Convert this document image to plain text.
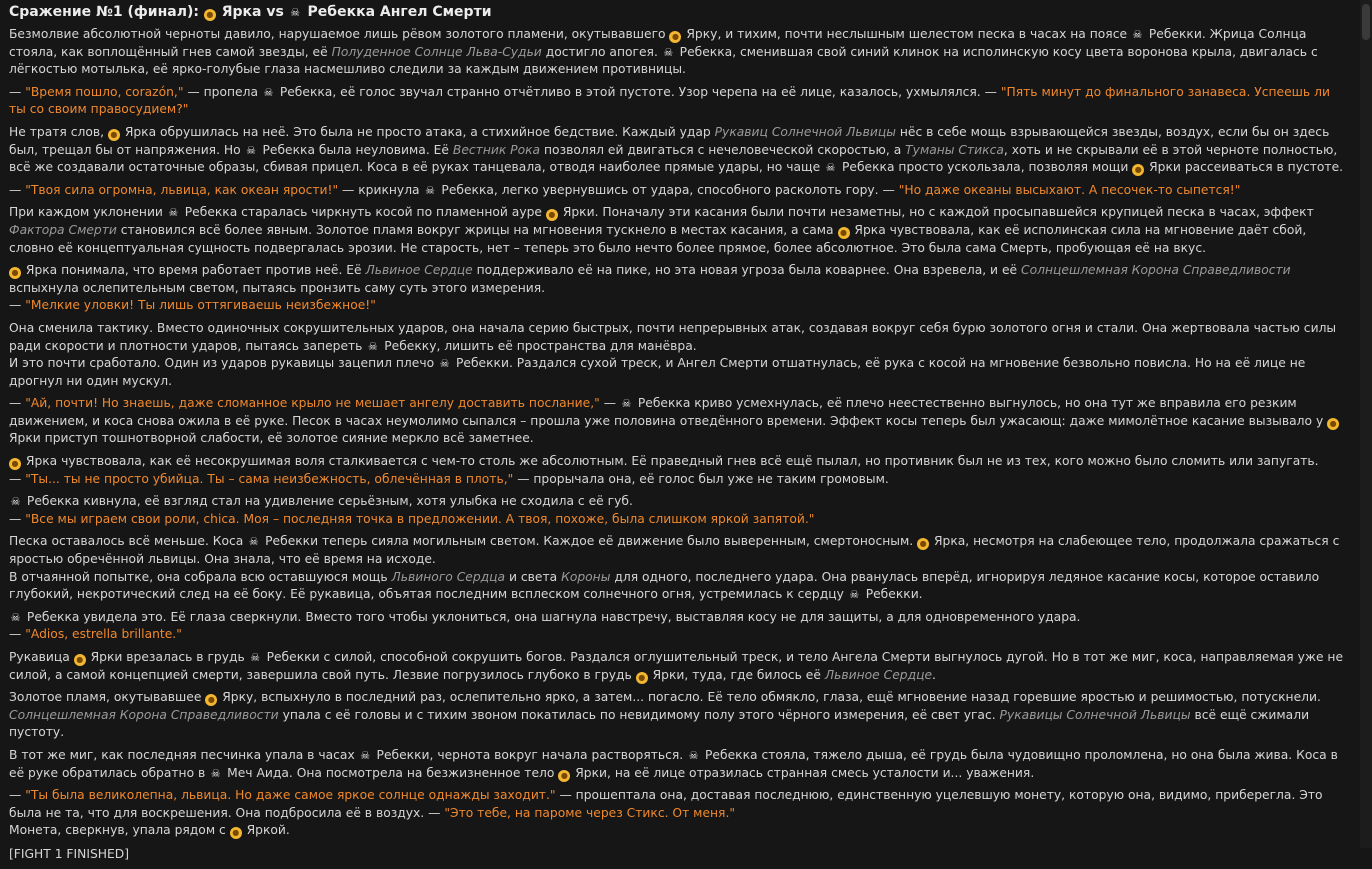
Сражение №1 (финал): ● Ярка vs ☠ Ребекка Ангел Смерти

Безмолвие абсолютной черноты давило, нарушаемое лишь рёвом золотого пламени, окутывавшего ● Ярку, и тихим, почти неслышным шелестом песка в часах на поясе ☠ Ребекки. Жрица Солнца стояла, как воплощённый гнев самой звезды, её Полуденное Солнце Льва-Судьи достигло апогея. ☠ Ребекка, сменившая свой синий клинок на исполинскую косу цвета воронова крыла, двигалась с лёгкостью мотылька, её ярко-голубые глаза насмешливо следили за каждым движением противницы.

— "Время пошло, corazón," — пропела ☠ Ребекка, её голос звучал странно отчётливо в этой пустоте. Узор черепа на её лице, казалось, ухмылялся. — "Пять минут до финального занавеса. Успеешь ли ты со своим правосудием?"

Не тратя слов, ● Ярка обрушилась на неё. Это была не просто атака, а стихийное бедствие. Каждый удар Рукавиц Солнечной Львицы нёс в себе мощь взрывающейся звезды, воздух, если бы он здесь был, трещал бы от напряжения. Но ☠ Ребекка была неуловима. Её Вестник Рока позволял ей двигаться с нечеловеческой скоростью, а Туманы Стикса, хоть и не скрывали её в этой черноте полностью, всё же создавали остаточные образы, сбивая прицел. Коса в её руках танцевала, отводя наиболее прямые удары, но чаще ☠ Ребекка просто ускользала, позволяя мощи ● Ярки рассеиваться в пустоте.

— "Твоя сила огромна, львица, как океан ярости!" — крикнула ☠ Ребекка, легко увернувшись от удара, способного расколоть гору. — "Но даже океаны высыхают. А песочек-то сыпется!"

При каждом уклонении ☠ Ребекка старалась чиркнуть косой по пламенной ауре ● Ярки. Поначалу эти касания были почти незаметны, но с каждой просыпавшейся крупицей песка в часах, эффект Фактора Смерти становился всё более явным. Золотое пламя вокруг жрицы на мгновения тускнело в местах касания, а сама ● Ярка чувствовала, как её исполинская сила на мгновение даёт сбой, словно её концептуальная сущность подвергалась эрозии. Не старость, нет – теперь это было нечто более прямое, более абсолютное. Это была сама Смерть, пробующая её на вкус.

● Ярка понимала, что время работает против неё. Её Львиное Сердце поддерживало её на пике, но эта новая угроза была коварнее. Она взревела, и её Солнцешлемная Корона Справедливости вспыхнула ослепительным светом, пытаясь пронзить саму суть этого измерения.
— "Мелкие уловки! Ты лишь оттягиваешь неизбежное!"

Она сменила тактику. Вместо одиночных сокрушительных ударов, она начала серию быстрых, почти непрерывных атак, создавая вокруг себя бурю золотого огня и стали. Она жертвовала частью силы ради скорости и плотности ударов, пытаясь запереть ☠ Ребекку, лишить её пространства для манёвра.
И это почти сработало. Один из ударов рукавицы зацепил плечо ☠ Ребекки. Раздался сухой треск, и Ангел Смерти отшатнулась, её рука с косой на мгновение безвольно повисла. Но на её лице не дрогнул ни один мускул.

— "Ай, почти! Но знаешь, даже сломанное крыло не мешает ангелу доставить послание," — ☠ Ребекка криво усмехнулась, её плечо неестественно выгнулось, но она тут же вправила его резким движением, и коса снова ожила в её руке. Песок в часах неумолимо сыпался – прошла уже половина отведённого времени. Эффект косы теперь был ужасающ: даже мимолётное касание вызывало у ● Ярки приступ тошнотворной слабости, её золотое сияние меркло всё заметнее.

● Ярка чувствовала, как её несокрушимая воля сталкивается с чем-то столь же абсолютным. Её праведный гнев всё ещё пылал, но противник был не из тех, кого можно было сломить или запугать.
— "Ты... ты не просто убийца. Ты – сама неизбежность, облечённая в плоть," — прорычала она, её голос был уже не таким громовым.

☠ Ребекка кивнула, её взгляд стал на удивление серьёзным, хотя улыбка не сходила с её губ.
— "Все мы играем свои роли, chica. Моя – последняя точка в предложении. А твоя, похоже, была слишком яркой запятой."

Песка оставалось всё меньше. Коса ☠ Ребекки теперь сияла могильным светом. Каждое её движение было выверенным, смертоносным. ● Ярка, несмотря на слабеющее тело, продолжала сражаться с яростью обречённой львицы. Она знала, что её время на исходе.
В отчаянной попытке, она собрала всю оставшуюся мощь Львиного Сердца и света Короны для одного, последнего удара. Она рванулась вперёд, игнорируя ледяное касание косы, которое оставило глубокий, некротический след на её боку. Её рукавица, объятая последним всплеском солнечного огня, устремилась к сердцу ☠ Ребекки.

☠ Ребекка увидела это. Её глаза сверкнули. Вместо того чтобы уклониться, она шагнула навстречу, выставляя косу не для защиты, а для одновременного удара.
— "Adios, estrella brillante."

Рукавица ● Ярки врезалась в грудь ☠ Ребекки с силой, способной сокрушить богов. Раздался оглушительный треск, и тело Ангела Смерти выгнулось дугой. Но в тот же миг, коса, направляемая уже не силой, а самой концепцией смерти, завершила свой путь. Лезвие погрузилось глубоко в грудь ● Ярки, туда, где билось её Львиное Сердце.

Золотое пламя, окутывавшее ● Ярку, вспыхнуло в последний раз, ослепительно ярко, а затем... погасло. Её тело обмякло, глаза, ещё мгновение назад горевшие яростью и решимостью, потускнели. Солнцешлемная Корона Справедливости упала с её головы и с тихим звоном покатилась по невидимому полу этого чёрного измерения, её свет угас. Рукавицы Солнечной Львицы всё ещё сжимали пустоту.

В тот же миг, как последняя песчинка упала в часах ☠ Ребекки, чернота вокруг начала растворяться. ☠ Ребекка стояла, тяжело дыша, её грудь была чудовищно проломлена, но она была жива. Коса в её руке обратилась обратно в ☠ Меч Аида. Она посмотрела на безжизненное тело ● Ярки, на её лице отразилась странная смесь усталости и... уважения.

— "Ты была великолепна, львица. Но даже самое яркое солнце однажды заходит." — прошептала она, доставая последнюю, единственную уцелевшую монету, которую она, видимо, приберегла. Это была не та, что для воскрешения. Она подбросила её в воздух. — "Это тебе, на пароме через Стикс. От меня."
Монета, сверкнув, упала рядом с ● Яркой.

[FIGHT 1 FINISHED]
